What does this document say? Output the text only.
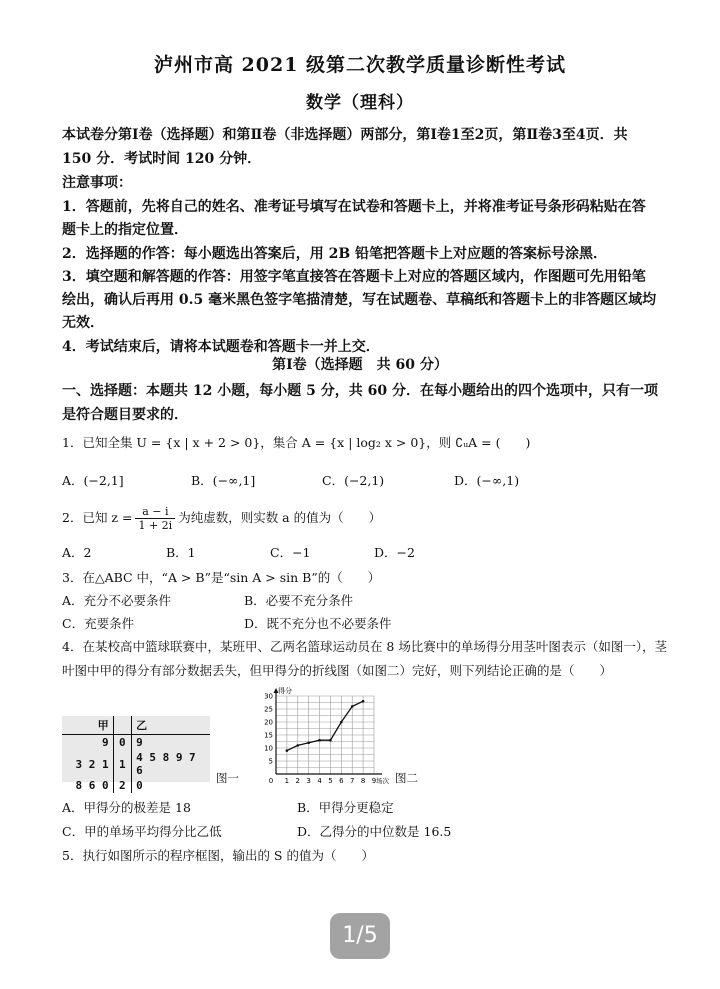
泸州市高 2021 级第二次教学质量诊断性考试
数学（理科）
本试卷分第Ⅰ卷（选择题）和第Ⅱ卷（非选择题）两部分，第Ⅰ卷1至2页，第Ⅱ卷3至4页．共
150 分．考试时间 120 分钟．
注意事项：
1．答题前，先将自己的姓名、准考证号填写在试卷和答题卡上，并将准考证号条形码粘贴在答
题卡上的指定位置．
2．选择题的作答：每小题选出答案后，用 2B 铅笔把答题卡上对应题的答案标号涂黑．
3．填空题和解答题的作答：用签字笔直接答在答题卡上对应的答题区域内，作图题可先用铅笔
绘出，确认后再用 0.5 毫米黑色签字笔描清楚，写在试题卷、草稿纸和答题卡上的非答题区域均
无效．
4．考试结束后，请将本试题卷和答题卡一并上交．
第Ⅰ卷（选择题　共 60 分）
一、选择题：本题共 12 小题，每小题 5 分，共 60 分．在每小题给出的四个选项中，只有一项
是符合题目要求的．
1．已知全集 U = {x | x + 2 > 0}，集合 A = {x | log₂ x > 0}，则 ∁ᵤA = (　　)
A．(−2,1]	B．(−∞,1]	C．(−2,1)	D．(−∞,1)
2．已知 $z = \frac{a - i}{1 + 2i}$ 为纯虚数，则实数 a 的值为（　　）
A．2	B．1	C．−1	D．−2
3．在△ABC 中，“A > B”是“sin A > sin B”的（　　）
A．充分不必要条件	B．必要不充分条件
C．充要条件	D．既不充分也不必要条件
4．在某校高中篮球联赛中，某班甲、乙两名篮球运动员在 8 场比赛中的单场得分用茎叶图表示（如图一），茎
叶图中甲的得分有部分数据丢失，但甲得分的折线图（如图二）完好，则下列结论正确的是（　　）
甲		乙
9	0	9
3 2 1	1	4 5 8 9 7 6
8 6 0	2	0
图一
5
10
15
20
25
30
0 1 2 3 4 5 6 7 8 9
得分
场次 图二
A．甲得分的极差是 18	B．甲得分更稳定
C．甲的单场平均得分比乙低	D．乙得分的中位数是 16.5
5．执行如图所示的程序框图，输出的 S 的值为（　　）
1/5
